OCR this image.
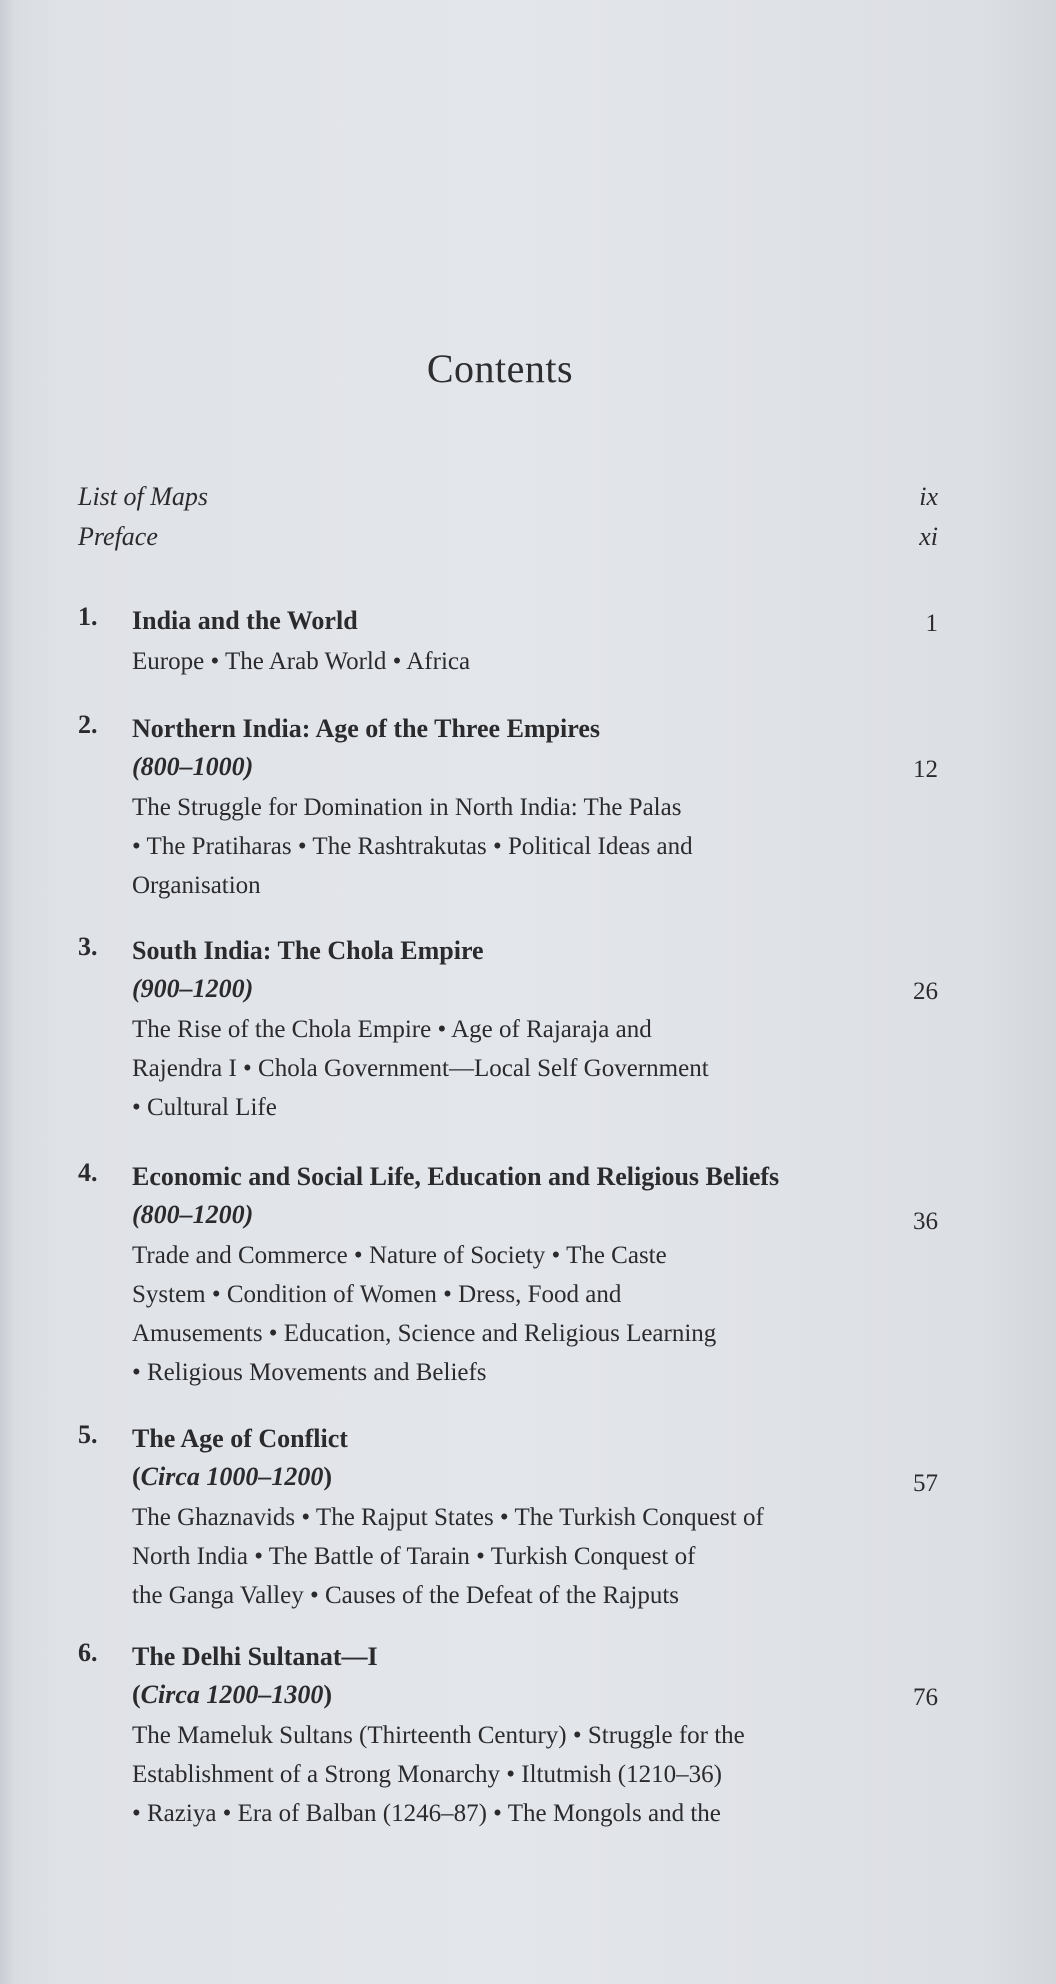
Contents
List of Maps	ix
Preface	xi
1. India and the World
Europe • The Arab World • Africa
1
2. Northern India: Age of the Three Empires
(800–1000)
The Struggle for Domination in North India: The Palas
• The Pratiharas • The Rashtrakutas • Political Ideas and
Organisation
12
3. South India: The Chola Empire
(900–1200)
The Rise of the Chola Empire • Age of Rajaraja and
Rajendra I • Chola Government—Local Self Government
• Cultural Life
26
4. Economic and Social Life, Education and Religious Beliefs
(800–1200)
Trade and Commerce • Nature of Society • The Caste
System • Condition of Women • Dress, Food and
Amusements • Education, Science and Religious Learning
• Religious Movements and Beliefs
36
5. The Age of Conflict
(Circa 1000–1200)
The Ghaznavids • The Rajput States • The Turkish Conquest of
North India • The Battle of Tarain • Turkish Conquest of
the Ganga Valley • Causes of the Defeat of the Rajputs
57
6. The Delhi Sultanat—I
(Circa 1200–1300)
The Mameluk Sultans (Thirteenth Century) • Struggle for the
Establishment of a Strong Monarchy • Iltutmish (1210–36)
• Raziya • Era of Balban (1246–87) • The Mongols and the
76
